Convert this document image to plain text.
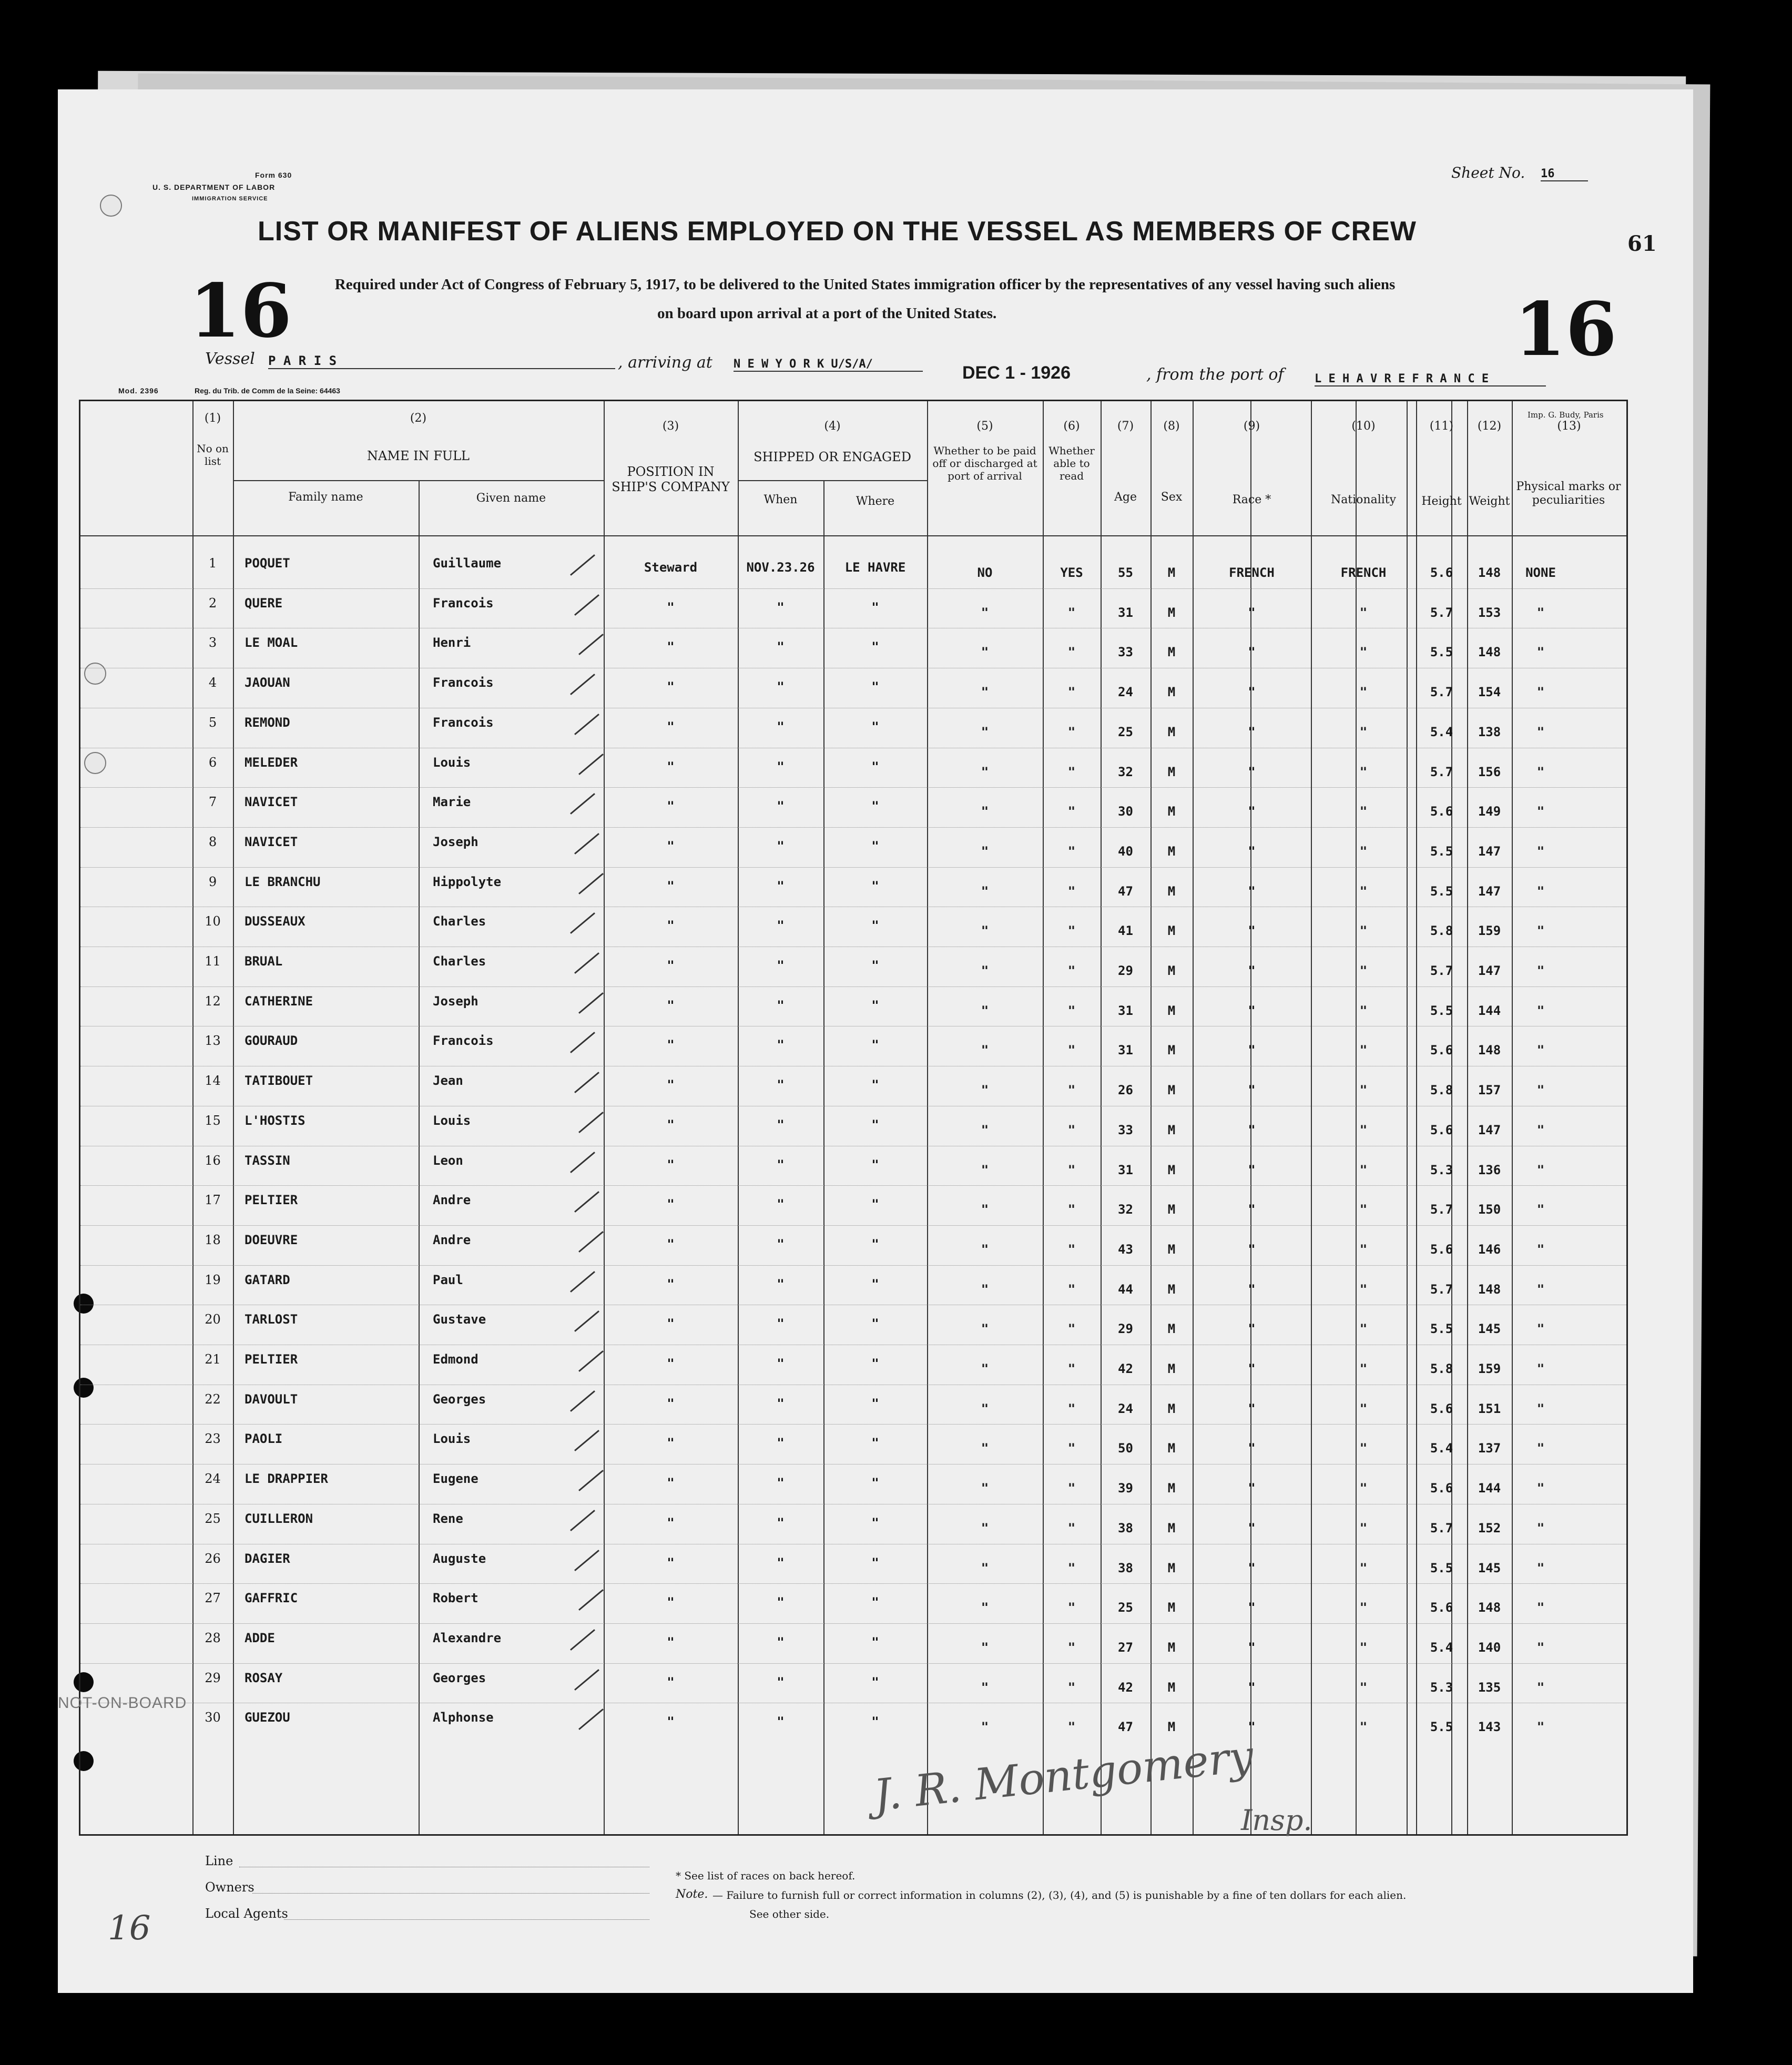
Form 630
U. S. DEPARTMENT OF LABOR
IMMIGRATION SERVICE
Sheet No. 16
LIST OR MANIFEST OF ALIENS EMPLOYED ON THE VESSEL AS MEMBERS OF CREW	61
Required under Act of Congress of February 5, 1917, to be delivered to the United States immigration officer by the representatives of any vessel having such aliens
on board upon arrival at a port of the United States.
16	16
Vessel P A R I S	, arriving at N E W Y O R K U/S/A/	DEC 1 - 1926	, from the port of	L E H A V R E F R A N C E
Mod. 2396	Reg. du Trib. de Comm de la Seine: 64463
Imp. G. Budy, Paris
(1)
No on list
(2)
NAME IN FULL
Family name	Given name
(3)
POSITION IN SHIP'S COMPANY
(4)
SHIPPED OR ENGAGED
When	Where
(5)
Whether to be paid off or discharged at port of arrival
(6)
Whether able to read
(7)
Age
(8)
Sex
(9)
Race *
(10)
Nationality
(11)
Height
(12)
Weight
(13)
Physical marks or peculiarities
1	POQUET	Guillaume	Steward	NOV.23.26	LE HAVRE	NO	YES	55	M	FRENCH	FRENCH	5.6	148	NONE
2	QUERE	Francois	"	"	"	"	"	31	M	"	"	5.7	153	"
3	LE MOAL	Henri	"	"	"	"	"	33	M	"	"	5.5	148	"
4	JAOUAN	Francois	"	"	"	"	"	24	M	"	"	5.7	154	"
5	REMOND	Francois	"	"	"	"	"	25	M	"	"	5.4	138	"
6	MELEDER	Louis	"	"	"	"	"	32	M	"	"	5.7	156	"
7	NAVICET	Marie	"	"	"	"	"	30	M	"	"	5.6	149	"
8	NAVICET	Joseph	"	"	"	"	"	40	M	"	"	5.5	147	"
9	LE BRANCHU	Hippolyte	"	"	"	"	"	47	M	"	"	5.5	147	"
10	DUSSEAUX	Charles	"	"	"	"	"	41	M	"	"	5.8	159	"
11	BRUAL	Charles	"	"	"	"	"	29	M	"	"	5.7	147	"
12	CATHERINE	Joseph	"	"	"	"	"	31	M	"	"	5.5	144	"
13	GOURAUD	Francois	"	"	"	"	"	31	M	"	"	5.6	148	"
14	TATIBOUET	Jean	"	"	"	"	"	26	M	"	"	5.8	157	"
15	L'HOSTIS	Louis	"	"	"	"	"	33	M	"	"	5.6	147	"
16	TASSIN	Leon	"	"	"	"	"	31	M	"	"	5.3	136	"
17	PELTIER	Andre	"	"	"	"	"	32	M	"	"	5.7	150	"
18	DOEUVRE	Andre	"	"	"	"	"	43	M	"	"	5.6	146	"
19	GATARD	Paul	"	"	"	"	"	44	M	"	"	5.7	148	"
20	TARLOST	Gustave	"	"	"	"	"	29	M	"	"	5.5	145	"
21	PELTIER	Edmond	"	"	"	"	"	42	M	"	"	5.8	159	"
22	DAVOULT	Georges	"	"	"	"	"	24	M	"	"	5.6	151	"
23	PAOLI	Louis	"	"	"	"	"	50	M	"	"	5.4	137	"
24	LE DRAPPIER	Eugene	"	"	"	"	"	39	M	"	"	5.6	144	"
25	CUILLERON	Rene	"	"	"	"	"	38	M	"	"	5.7	152	"
26	DAGIER	Auguste	"	"	"	"	"	38	M	"	"	5.5	145	"
27	GAFFRIC	Robert	"	"	"	"	"	25	M	"	"	5.6	148	"
28	ADDE	Alexandre	"	"	"	"	"	27	M	"	"	5.4	140	"
29	ROSAY	Georges	"	"	"	"	"	42	M	"	"	5.3	135	"
30	GUEZOU	Alphonse	"	"	"	"	"	47	M	"	"	5.5	143	"
NOT-ON-BOARD
Line
Owners
Local Agents
* See list of races on back hereof.
Note. — Failure to furnish full or correct information in columns (2), (3), (4), and (5) is punishable by a fine of ten dollars for each alien.
See other side.
16
J. R. Montgomery
Insp.
